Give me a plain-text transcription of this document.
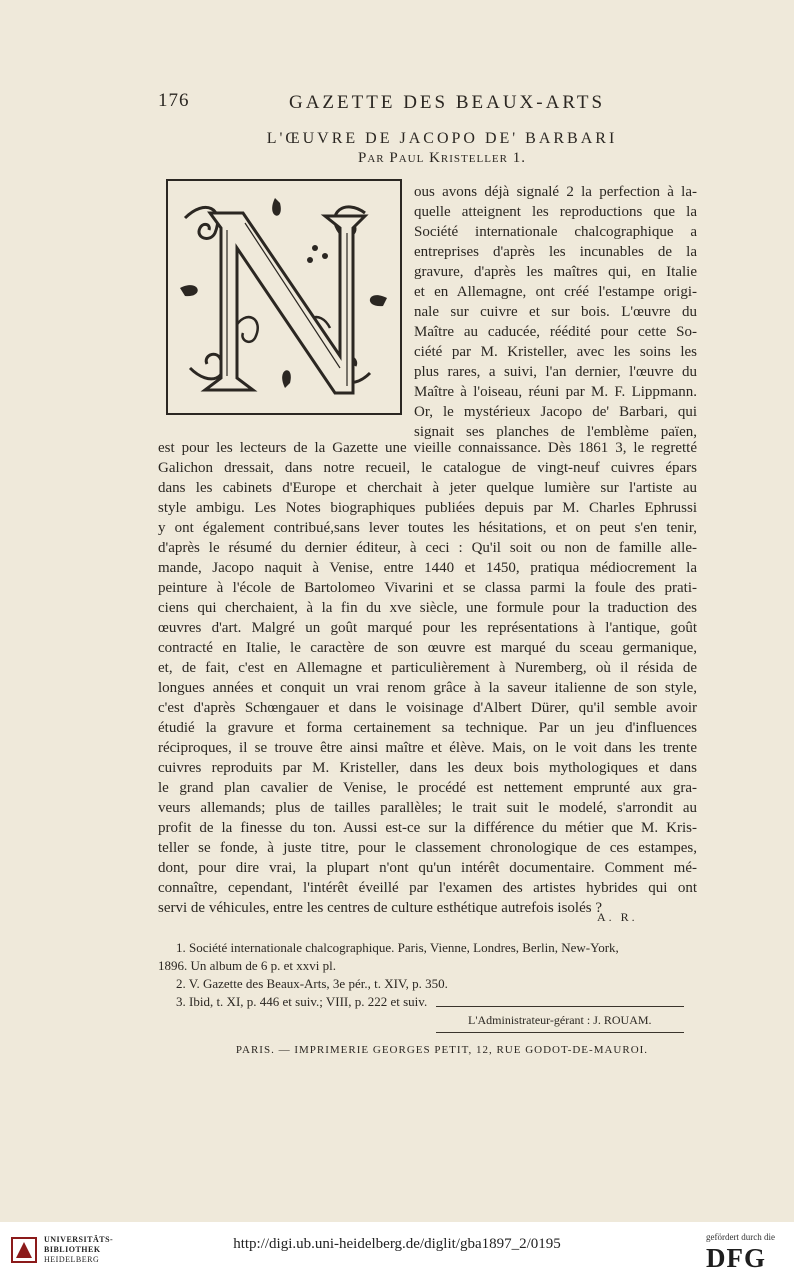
176	GAZETTE DES BEAUX-ARTS
L'ŒUVRE DE JACOPO DE' BARBARI
Par Paul Kristeller 1.
ous avons déjà signalé 2 la perfection à la-
quelle atteignent les reproductions que la
Société internationale chalcographique a
entreprises d'après les incunables de la
gravure, d'après les maîtres qui, en Italie
et en Allemagne, ont créé l'estampe origi-
nale sur cuivre et sur bois. L'œuvre du
Maître au caducée, réédité pour cette So-
ciété par M. Kristeller, avec les soins les
plus rares, a suivi, l'an dernier, l'œuvre du
Maître à l'oiseau, réuni par M. F. Lippmann.
Or, le mystérieux Jacopo de' Barbari, qui
signait ses planches de l'emblème païen,
est pour les lecteurs de la Gazette une vieille connaissance. Dès 1861 3, le regretté
Galichon dressait, dans notre recueil, le catalogue de vingt-neuf cuivres épars
dans les cabinets d'Europe et cherchait à jeter quelque lumière sur l'artiste au
style ambigu. Les Notes biographiques publiées depuis par M. Charles Ephrussi
y ont également contribué,sans lever toutes les hésitations, et on peut s'en tenir,
d'après le résumé du dernier éditeur, à ceci : Qu'il soit ou non de famille alle-
mande, Jacopo naquit à Venise, entre 1440 et 1450, pratiqua médiocrement la
peinture à l'école de Bartolomeo Vivarini et se classa parmi la foule des prati-
ciens qui cherchaient, à la fin du xve siècle, une formule pour la traduction des
œuvres d'art. Malgré un goût marqué pour les représentations à l'antique, goût
contracté en Italie, le caractère de son œuvre est marqué du sceau germanique,
et, de fait, c'est en Allemagne et particulièrement à Nuremberg, où il résida de
longues années et conquit un vrai renom grâce à la saveur italienne de son style,
c'est d'après Schœngauer et dans le voisinage d'Albert Dürer, qu'il semble avoir
étudié la gravure et forma certainement sa technique. Par un jeu d'influences
réciproques, il se trouve être ainsi maître et élève. Mais, on le voit dans les trente
cuivres reproduits par M. Kristeller, dans les deux bois mythologiques et dans
le grand plan cavalier de Venise, le procédé est nettement emprunté aux gra-
veurs allemands; plus de tailles parallèles; le trait suit le modelé, s'arrondit au
profit de la finesse du ton. Aussi est-ce sur la différence du métier que M. Kris-
teller se fonde, à juste titre, pour le classement chronologique de ces estampes,
dont, pour dire vrai, la plupart n'ont qu'un intérêt documentaire. Comment mé-
connaître, cependant, l'intérêt éveillé par l'examen des artistes hybrides qui ont
servi de véhicules, entre les centres de culture esthétique autrefois isolés ?
A. R.
1. Société internationale chalcographique. Paris, Vienne, Londres, Berlin, New-York,
1896. Un album de 6 p. et xxvi pl.
2. V. Gazette des Beaux-Arts, 3e pér., t. XIV, p. 350.
3. Ibid, t. XI, p. 446 et suiv.; VIII, p. 222 et suiv.
L'Administrateur-gérant : J. ROUAM.
PARIS. — IMPRIMERIE GEORGES PETIT, 12, RUE GODOT-DE-MAUROI.
UNIVERSITÄTS-
BIBLIOTHEK
HEIDELBERG
http://digi.ub.uni-heidelberg.de/diglit/gba1897_2/0195	gefördert durch die
DFG
